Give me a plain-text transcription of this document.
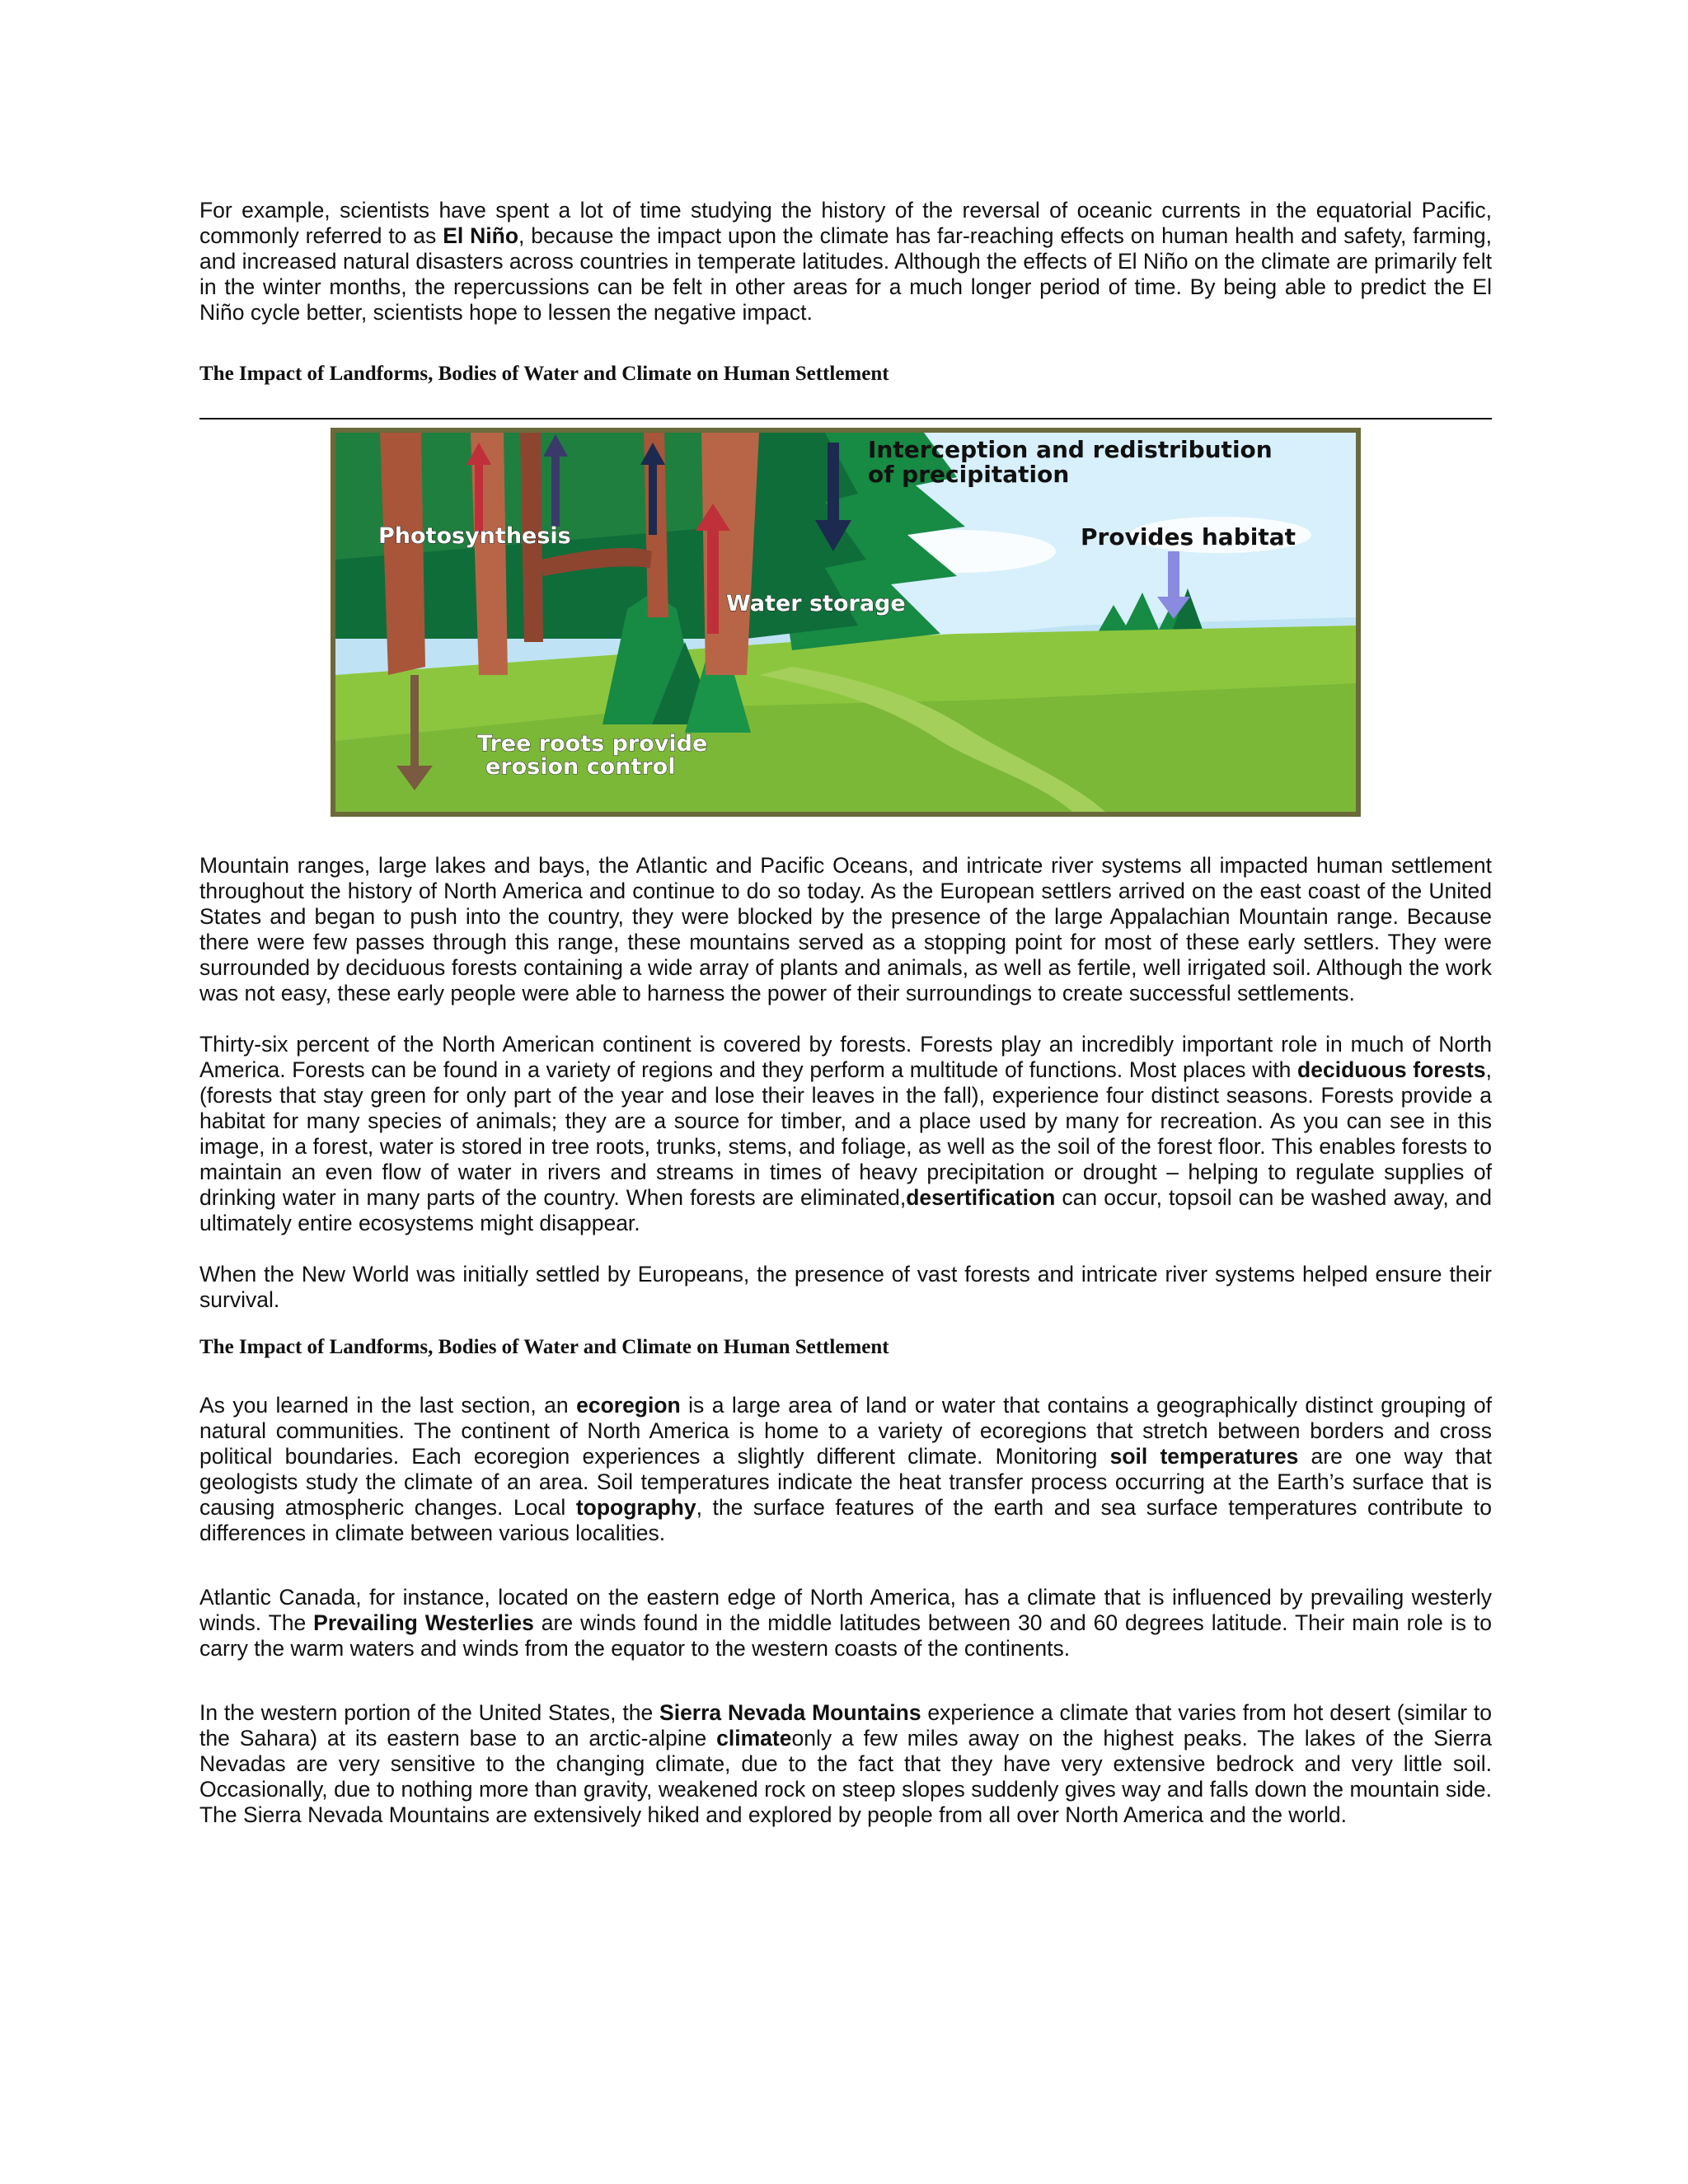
For example, scientists have spent a lot of time studying the history of the reversal of oceanic currents in the equatorial Pacific, commonly referred to as El Niño, because the impact upon the climate has far-reaching effects on human health and safety, farming, and increased natural disasters across countries in temperate latitudes. Although the effects of El Niño on the climate are primarily felt in the winter months, the repercussions can be felt in other areas for a much longer period of time. By being able to predict the El Niño cycle better, scientists hope to lessen the negative impact.

The Impact of Landforms, Bodies of Water and Climate on Human Settlement
Interception and redistribution
of precipitation
Photosynthesis	Provides habitat
Water storage
Tree roots provide
erosion control

Mountain ranges, large lakes and bays, the Atlantic and Pacific Oceans, and intricate river systems all impacted human settlement throughout the history of North America and continue to do so today. As the European settlers arrived on the east coast of the United States and began to push into the country, they were blocked by the presence of the large Appalachian Mountain range. Because there were few passes through this range, these mountains served as a stopping point for most of these early settlers. They were surrounded by deciduous forests containing a wide array of plants and animals, as well as fertile, well irrigated soil. Although the work was not easy, these early people were able to harness the power of their surroundings to create successful settlements.

Thirty-six percent of the North American continent is covered by forests. Forests play an incredibly important role in much of North America. Forests can be found in a variety of regions and they perform a multitude of functions. Most places with deciduous forests, (forests that stay green for only part of the year and lose their leaves in the fall), experience four distinct seasons. Forests provide a habitat for many species of animals; they are a source for timber, and a place used by many for recreation. As you can see in this image, in a forest, water is stored in tree roots, trunks, stems, and foliage, as well as the soil of the forest floor. This enables forests to maintain an even flow of water in rivers and streams in times of heavy precipitation or drought – helping to regulate supplies of drinking water in many parts of the country. When forests are eliminated,desertification can occur, topsoil can be washed away, and ultimately entire ecosystems might disappear.

When the New World was initially settled by Europeans, the presence of vast forests and intricate river systems helped ensure their survival.

The Impact of Landforms, Bodies of Water and Climate on Human Settlement

As you learned in the last section, an ecoregion is a large area of land or water that contains a geographically distinct grouping of natural communities. The continent of North America is home to a variety of ecoregions that stretch between borders and cross political boundaries. Each ecoregion experiences a slightly different climate. Monitoring soil temperatures are one way that geologists study the climate of an area. Soil temperatures indicate the heat transfer process occurring at the Earth’s surface that is causing atmospheric changes. Local topography, the surface features of the earth and sea surface temperatures contribute to differences in climate between various localities.

Atlantic Canada, for instance, located on the eastern edge of North America, has a climate that is influenced by prevailing westerly winds. The Prevailing Westerlies are winds found in the middle latitudes between 30 and 60 degrees latitude. Their main role is to carry the warm waters and winds from the equator to the western coasts of the continents.

In the western portion of the United States, the Sierra Nevada Mountains experience a climate that varies from hot desert (similar to the Sahara) at its eastern base to an arctic-alpine climateonly a few miles away on the highest peaks. The lakes of the Sierra Nevadas are very sensitive to the changing climate, due to the fact that they have very extensive bedrock and very little soil. Occasionally, due to nothing more than gravity, weakened rock on steep slopes suddenly gives way and falls down the mountain side. The Sierra Nevada Mountains are extensively hiked and explored by people from all over North America and the world.
